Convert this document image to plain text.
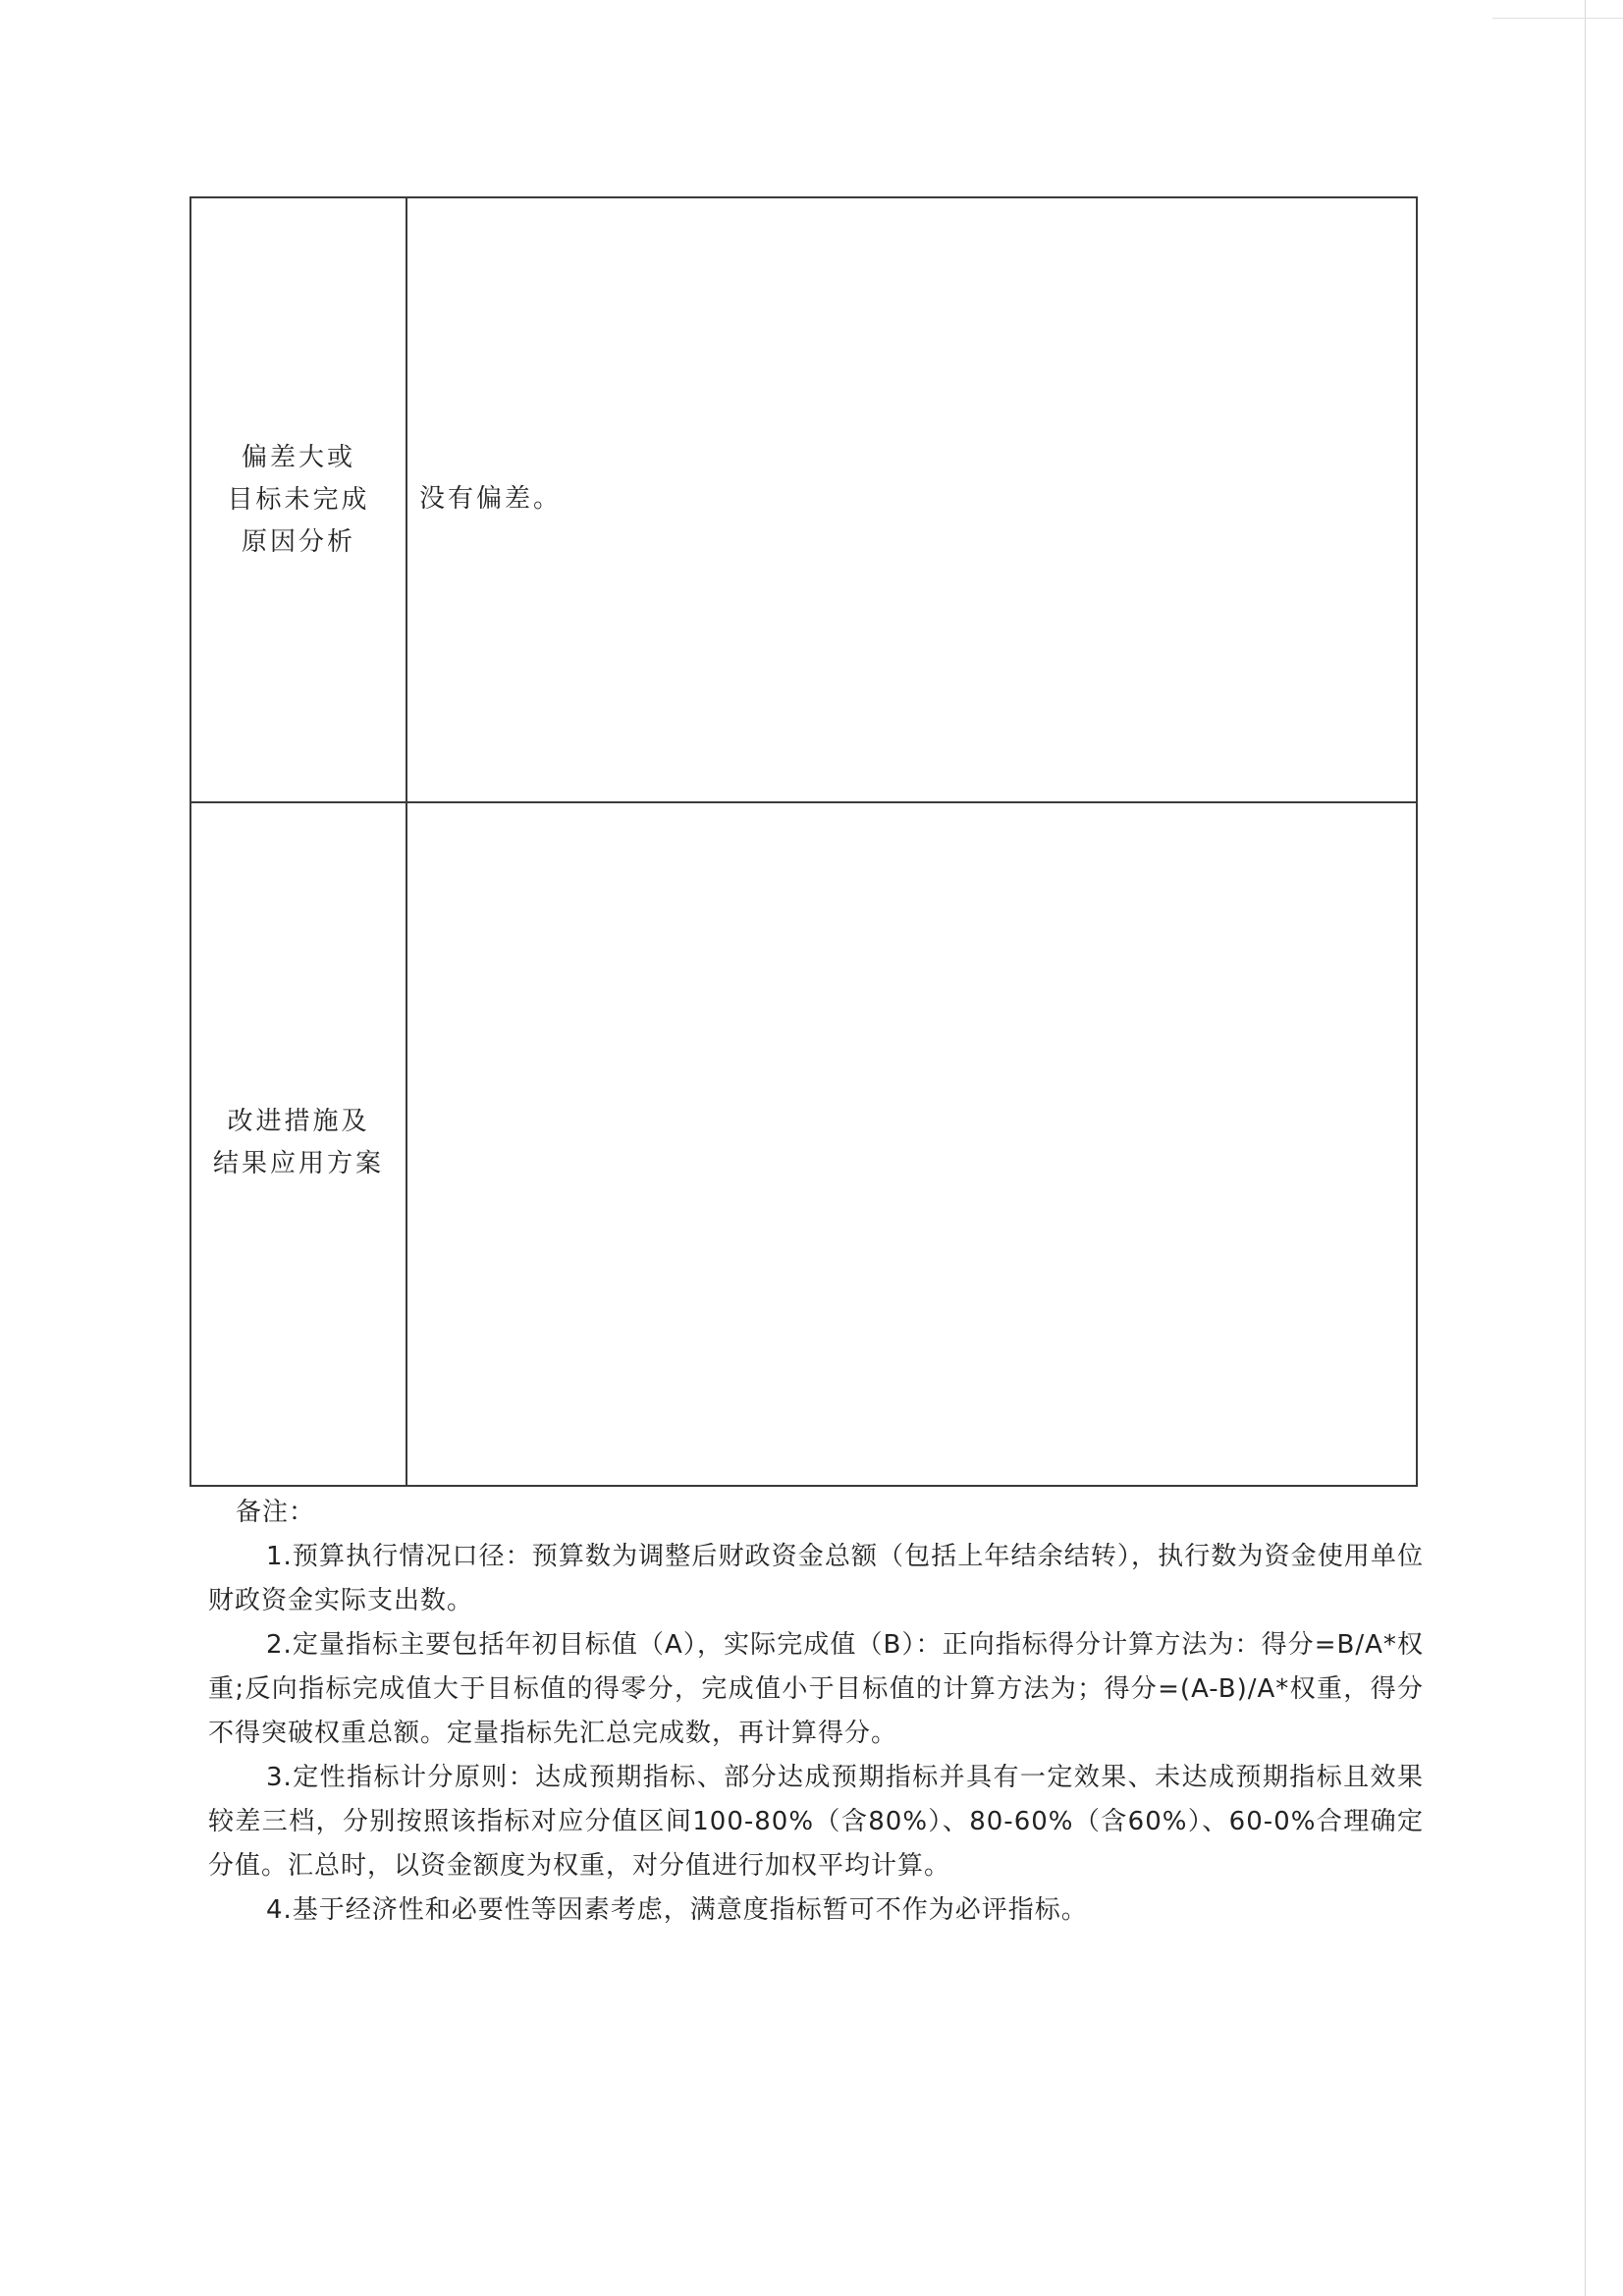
偏差大或
目标未完成
原因分析
没有偏差。
改进措施及
结果应用方案
备注：
1.预算执行情况口径：预算数为调整后财政资金总额（包括上年结余结转），执行数为资金使用单位财政资金实际支出数。
2.定量指标主要包括年初目标值（A），实际完成值（B）：正向指标得分计算方法为：得分=B/A*权重;反向指标完成值大于目标值的得零分，完成值小于目标值的计算方法为；得分=(A-B)/A*权重，得分不得突破权重总额。定量指标先汇总完成数，再计算得分。
3.定性指标计分原则：达成预期指标、部分达成预期指标并具有一定效果、未达成预期指标且效果较差三档，分别按照该指标对应分值区间100-80%（含80%）、80-60%（含60%）、60-0%合理确定分值。汇总时，以资金额度为权重，对分值进行加权平均计算。
4.基于经济性和必要性等因素考虑，满意度指标暂可不作为必评指标。
